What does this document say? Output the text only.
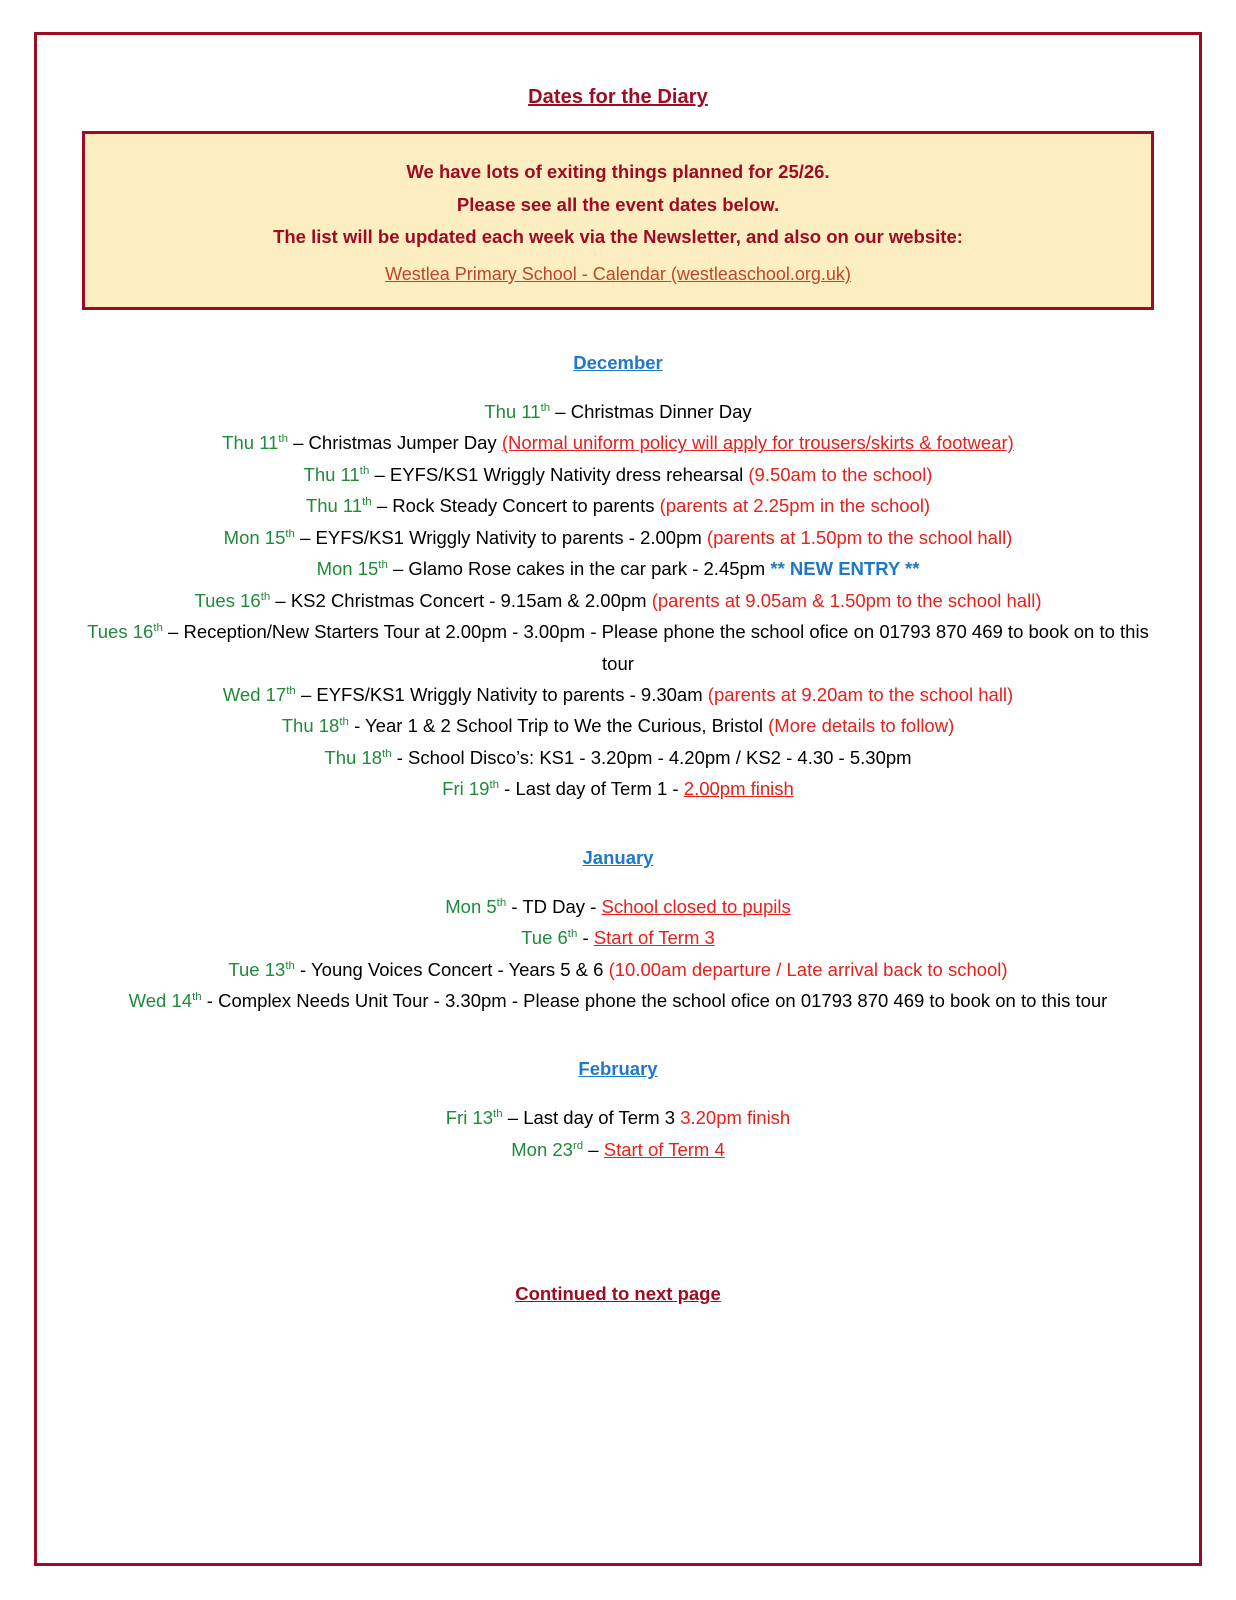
Dates for the Diary
We have lots of exiting things planned for 25/26.
Please see all the event dates below.
The list will be updated each week via the Newsletter, and also on our website:
Westlea Primary School - Calendar (westleaschool.org.uk)
December
Thu 11th – Christmas Dinner Day
Thu 11th – Christmas Jumper Day (Normal uniform policy will apply for trousers/skirts & footwear)
Thu 11th – EYFS/KS1 Wriggly Nativity dress rehearsal (9.50am to the school)
Thu 11th – Rock Steady Concert to parents (parents at 2.25pm in the school)
Mon 15th – EYFS/KS1 Wriggly Nativity to parents - 2.00pm (parents at 1.50pm to the school hall)
Mon 15th – Glamo Rose cakes in the car park - 2.45pm ** NEW ENTRY **
Tues 16th – KS2 Christmas Concert - 9.15am & 2.00pm (parents at 9.05am & 1.50pm to the school hall)
Tues 16th – Reception/New Starters Tour at 2.00pm - 3.00pm - Please phone the school ofice on 01793 870 469 to book on to this tour
Wed 17th – EYFS/KS1 Wriggly Nativity to parents - 9.30am (parents at 9.20am to the school hall)
Thu 18th - Year 1 & 2 School Trip to We the Curious, Bristol (More details to follow)
Thu 18th - School Disco’s: KS1 - 3.20pm - 4.20pm / KS2 - 4.30 - 5.30pm
Fri 19th - Last day of Term 1 - 2.00pm finish
January
Mon 5th - TD Day - School closed to pupils
Tue 6th - Start of Term 3
Tue 13th - Young Voices Concert - Years 5 & 6 (10.00am departure / Late arrival back to school)
Wed 14th - Complex Needs Unit Tour - 3.30pm - Please phone the school ofice on 01793 870 469 to book on to this tour
February
Fri 13th – Last day of Term 3 3.20pm finish
Mon 23rd – Start of Term 4
Continued to next page
